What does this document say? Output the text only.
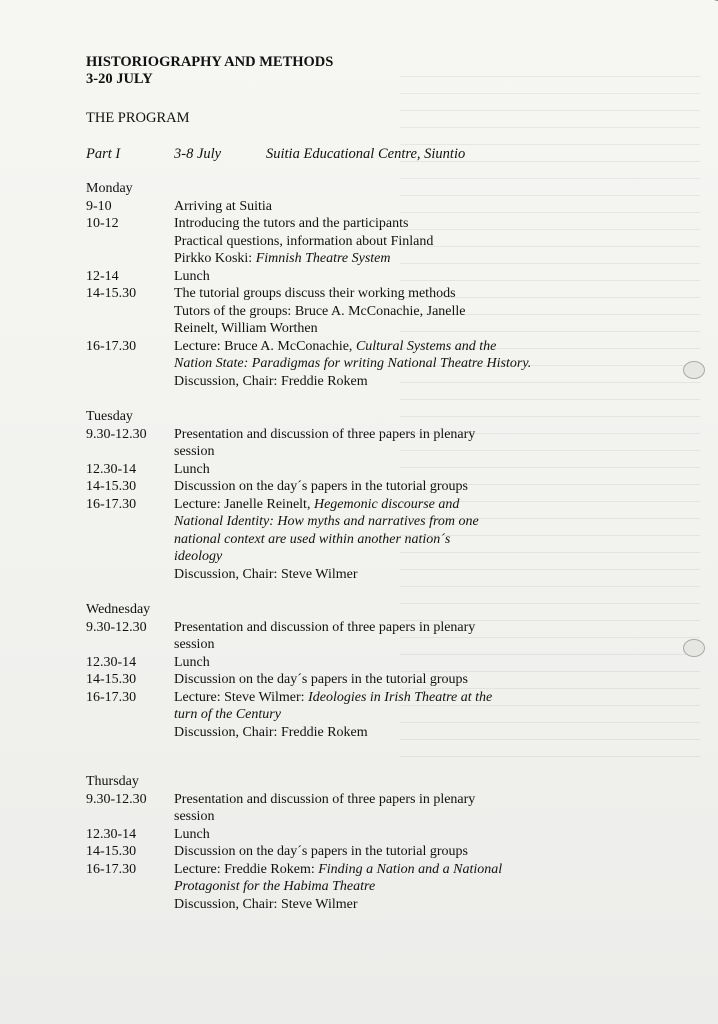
HISTORIOGRAPHY AND METHODS
3-20 JULY
THE PROGRAM
Part I	3-8 July	Suitia Educational Centre, Siuntio
Monday
9-10	Arriving at Suitia
10-12	Introducing the tutors and the participants
Practical questions, information about Finland
Pirkko Koski: Fimnish Theatre System
12-14	Lunch
14-15.30	The tutorial groups discuss their working methods
Tutors of the groups: Bruce A. McConachie, Janelle
Reinelt, William Worthen
16-17.30	Lecture: Bruce A. McConachie, Cultural Systems and the
Nation State: Paradigmas for writing National Theatre History.
Discussion, Chair: Freddie Rokem
Tuesday
9.30-12.30	Presentation and discussion of three papers in plenary
session
12.30-14	Lunch
14-15.30	Discussion on the day´s papers in the tutorial groups
16-17.30	Lecture: Janelle Reinelt, Hegemonic discourse and
National Identity: How myths and narratives from one
national context are used within another nation´s
ideology
Discussion, Chair: Steve Wilmer
Wednesday
9.30-12.30	Presentation and discussion of three papers in plenary
session
12.30-14	Lunch
14-15.30	Discussion on the day´s papers in the tutorial groups
16-17.30	Lecture: Steve Wilmer: Ideologies in Irish Theatre at the
turn of the Century
Discussion, Chair: Freddie Rokem
Thursday
9.30-12.30	Presentation and discussion of three papers in plenary
session
12.30-14	Lunch
14-15.30	Discussion on the day´s papers in the tutorial groups
16-17.30	Lecture: Freddie Rokem: Finding a Nation and a National
Protagonist for the Habima Theatre
Discussion, Chair: Steve Wilmer
